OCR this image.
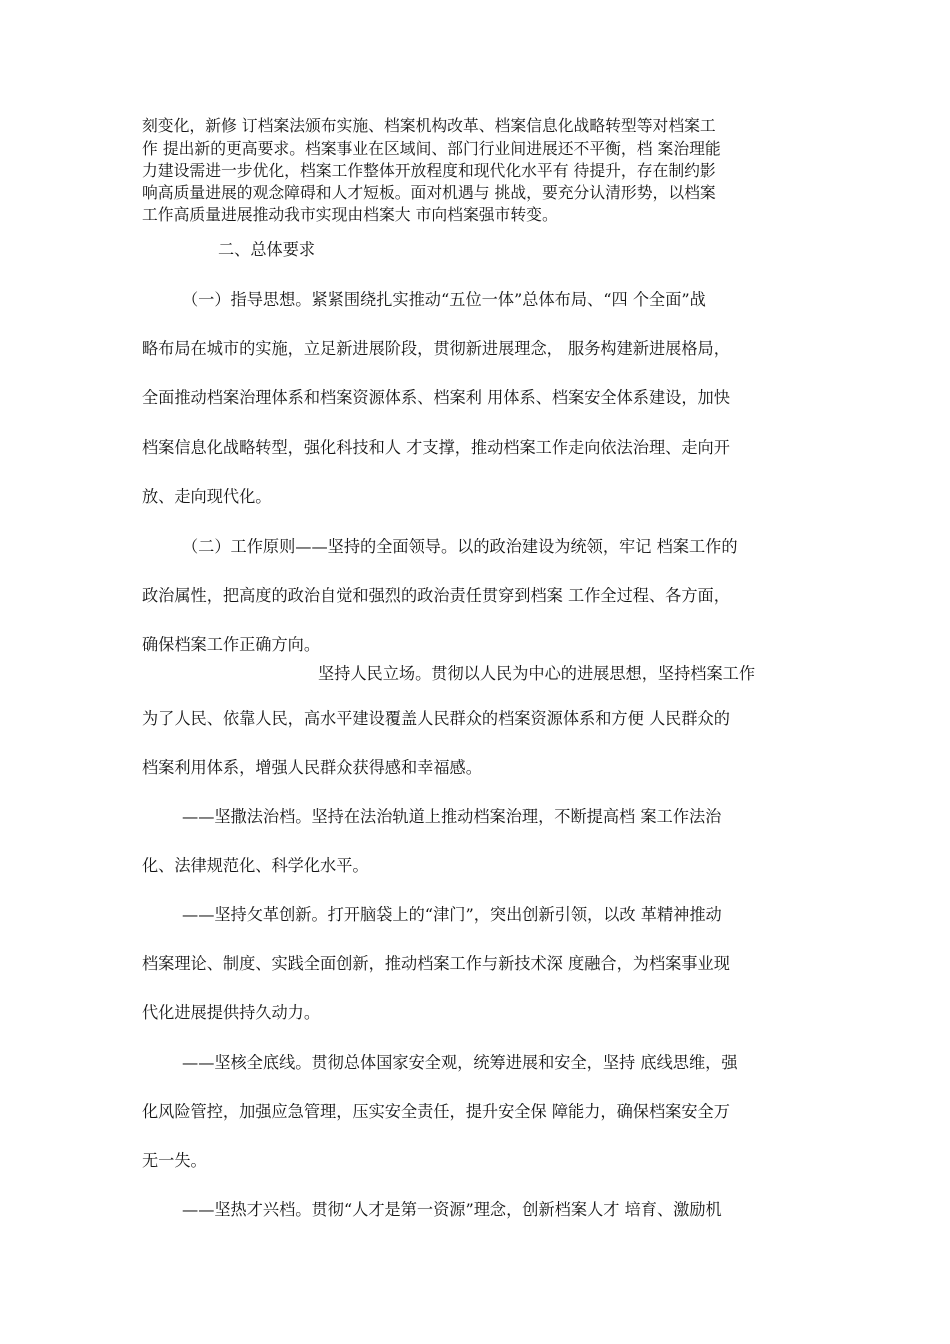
刻变化，新修 订档案法颁布实施、档案机构改革、档案信息化战略转型等对档案工

作 提出新的更高要求。档案事业在区域间、部门行业间进展还不平衡，档 案治理能

力建设需进一步优化，档案工作整体开放程度和现代化水平有 待提升，存在制约影

响高质量进展的观念障碍和人才短板。面对机遇与 挑战，要充分认清形势，以档案

工作高质量进展推动我市实现由档案大 市向档案强市转变。

二、总体要求

（一）指导思想。紧紧围绕扎实推动“五位一体”总体布局、“四 个全面”战

略布局在城市的实施，立足新进展阶段，贯彻新进展理念， 服务构建新进展格局，

全面推动档案治理体系和档案资源体系、档案利 用体系、档案安全体系建设，加快

档案信息化战略转型，强化科技和人 才支撑，推动档案工作走向依法治理、走向开

放、走向现代化。

（二）工作原则——坚持的全面领导。以的政治建设为统领，牢记 档案工作的

政治属性，把高度的政治自觉和强烈的政治责任贯穿到档案 工作全过程、各方面，

确保档案工作正确方向。

坚持人民立场。贯彻以人民为中心的进展思想，坚持档案工作

为了人民、依靠人民，高水平建设覆盖人民群众的档案资源体系和方便 人民群众的

档案利用体系，增强人民群众获得感和幸福感。

——坚撒法治档。坚持在法治轨道上推动档案治理，不断提高档 案工作法治

化、法律规范化、科学化水平。

——坚持攵革创新。打开脑袋上的“津门”，突出创新引领，以改 革精神推动

档案理论、制度、实践全面创新，推动档案工作与新技术深 度融合，为档案事业现

代化进展提供持久动力。

——坚核全底线。贯彻总体国家安全观，统筹进展和安全，坚持 底线思维，强

化风险管控，加强应急管理，压实安全责任，提升安全保 障能力，确保档案安全万

无一失。

——坚热才兴档。贯彻“人才是第一资源”理念，创新档案人才 培育、激励机
